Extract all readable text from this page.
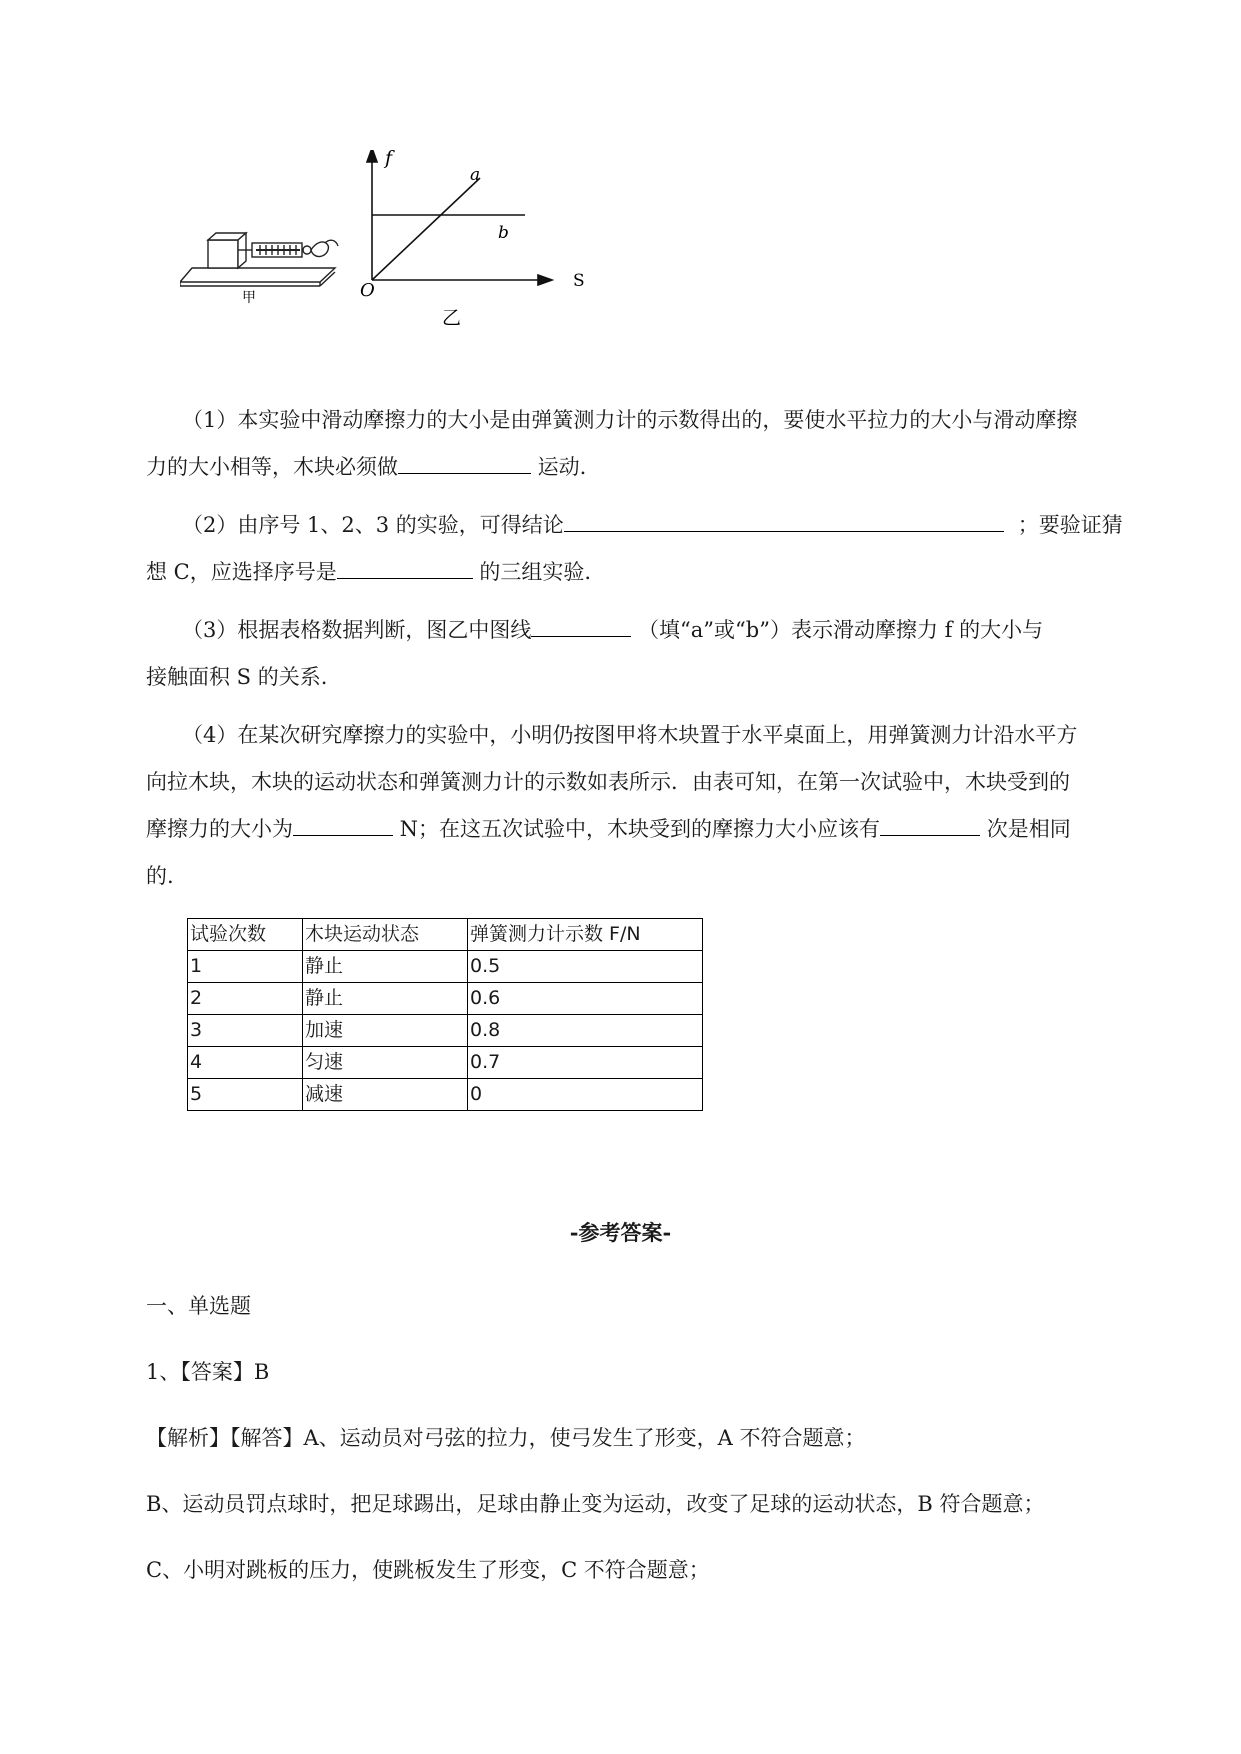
甲
f
S
O
a
b
乙
（1）本实验中滑动摩擦力的大小是由弹簧测力计的示数得出的，要使水平拉力的大小与滑动摩擦
力的大小相等，木块必须做	运动.
（2）由序号 1、2、3 的实验，可得结论	；要验证猜
想 C，应选择序号是	的三组实验.
（3）根据表格数据判断，图乙中图线	（填“a”或“b”）表示滑动摩擦力 f 的大小与
接触面积 S 的关系.
（4）在某次研究摩擦力的实验中，小明仍按图甲将木块置于水平桌面上，用弹簧测力计沿水平方
向拉木块，木块的运动状态和弹簧测力计的示数如表所示．由表可知，在第一次试验中，木块受到的
摩擦力的大小为	N；在这五次试验中，木块受到的摩擦力大小应该有	次是相同
的.
试验次数	木块运动状态	弹簧测力计示数 F/N
1	静止	0.5
2	静止	0.6
3	加速	0.8
4	匀速	0.7
5	减速	0
-参考答案-
一、单选题
1、【答案】B
【解析】【解答】A、运动员对弓弦的拉力，使弓发生了形变，A 不符合题意；
B、运动员罚点球时，把足球踢出，足球由静止变为运动，改变了足球的运动状态，B 符合题意；
C、小明对跳板的压力，使跳板发生了形变，C 不符合题意；
